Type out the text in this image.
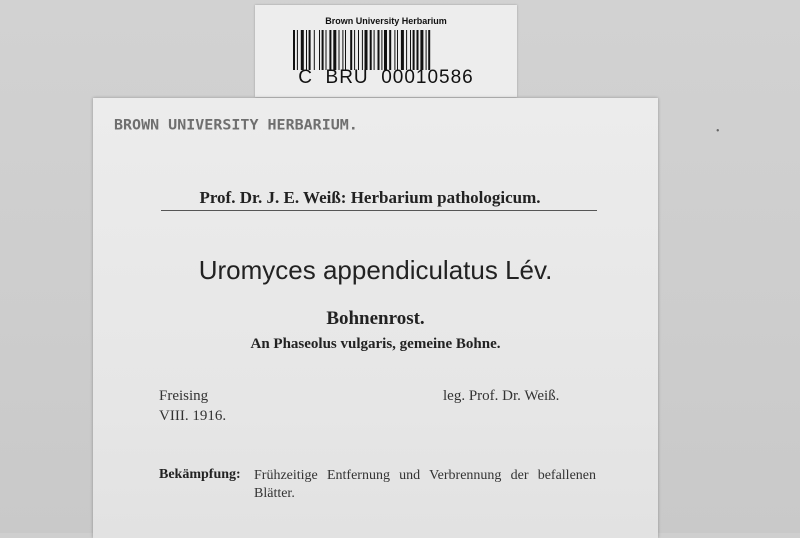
Brown University Herbarium
C  BRU  00010586
•
BROWN UNIVERSITY HERBARIUM.
Prof. Dr. J. E. Weiß: Herbarium pathologicum.
Uromyces appendiculatus Lév.
Bohnenrost.
An Phaseolus vulgaris, gemeine Bohne.
Freising
VIII. 1916.
leg. Prof. Dr. Weiß.
Bekämpfung: Frühzeitige Entfernung und Verbrennung der befallenen Blätter.
